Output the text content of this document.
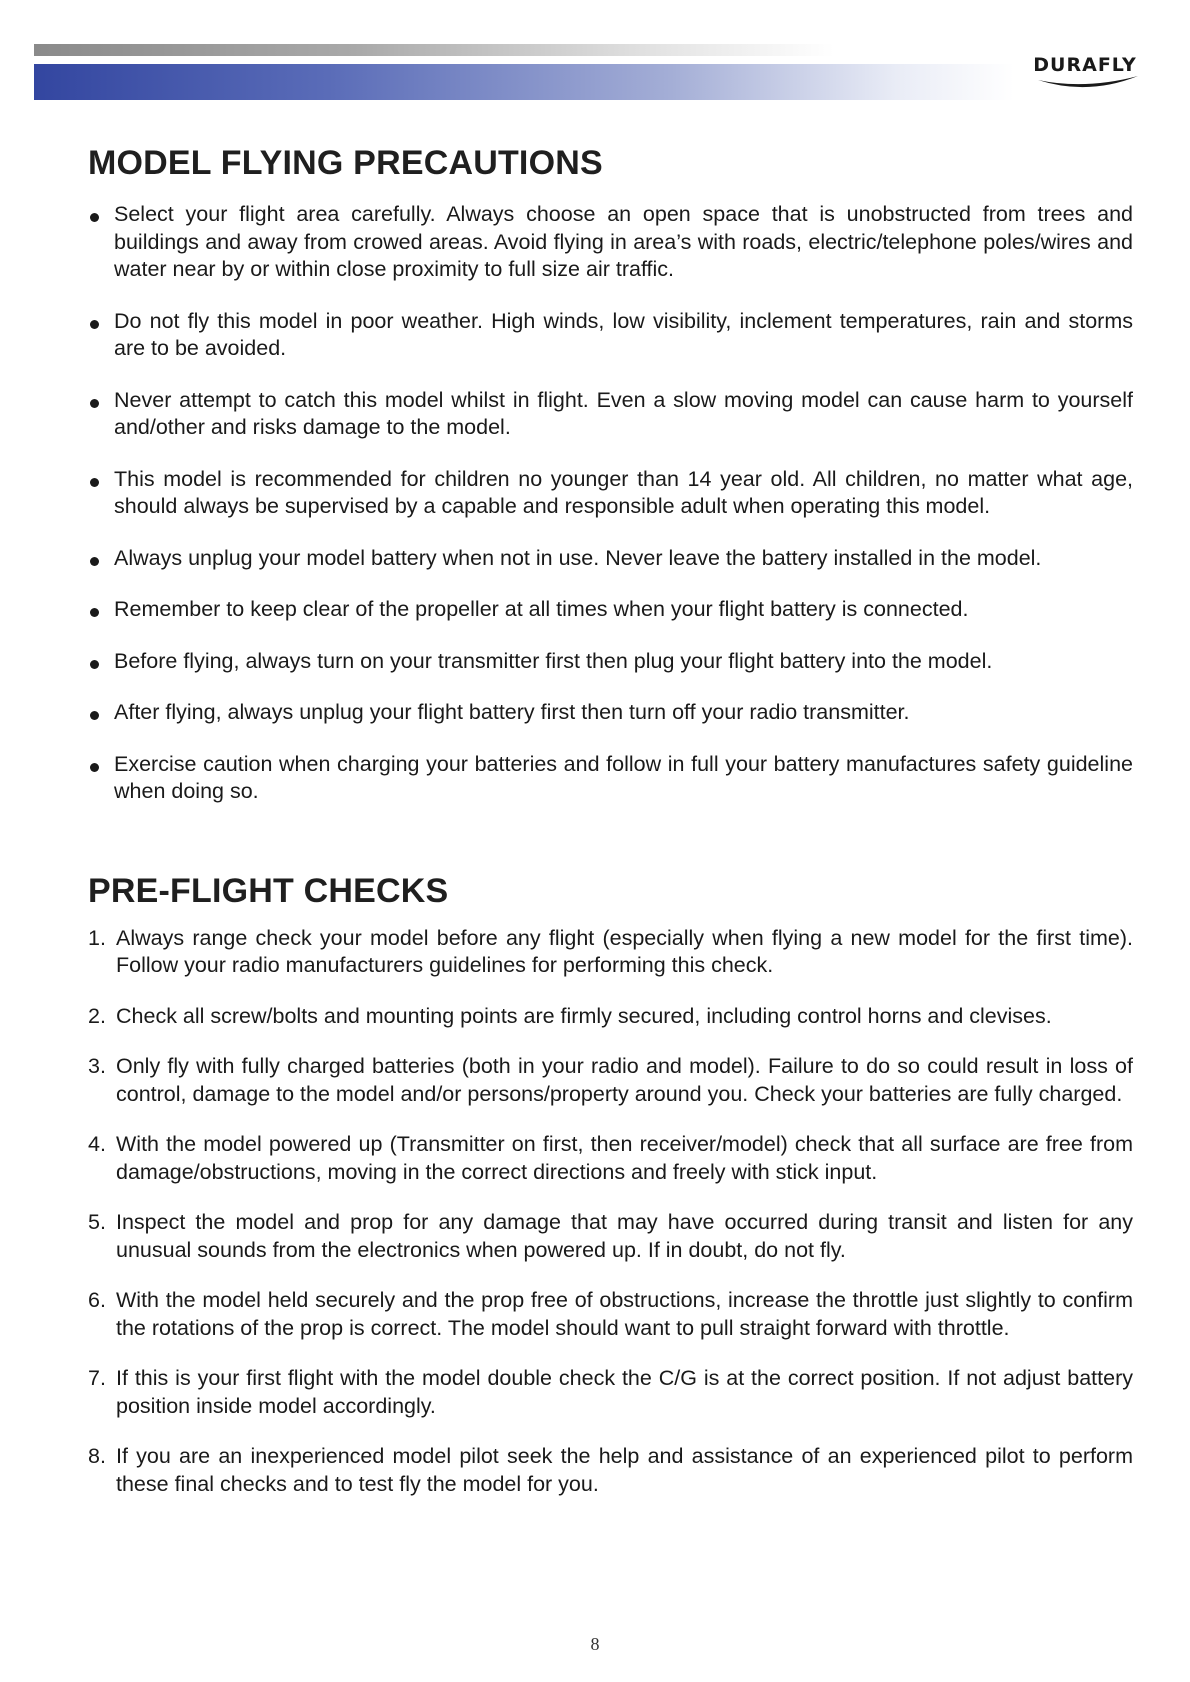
DURAFLY
MODEL FLYING PRECAUTIONS
Select your flight area carefully. Always choose an open space that is unobstructed from trees and buildings and away from crowed areas. Avoid flying in area’s with roads, electric/telephone poles/wires and water near by or within close proximity to full size air traffic.
Do not fly this model in poor weather. High winds, low visibility, inclement temperatures, rain and storms are to be avoided.
Never attempt to catch this model whilst in flight. Even a slow moving model can cause harm to yourself and/other and risks damage to the model.
This model is recommended for children no younger than 14 year old. All children, no matter what age, should always be supervised by a capable and responsible adult when operating this model.
Always unplug your model battery when not in use. Never leave the battery installed in the model.
Remember to keep clear of the propeller at all times when your flight battery is connected.
Before flying, always turn on your transmitter first then plug your flight battery into the model.
After flying, always unplug your flight battery first then turn off your radio transmitter.
Exercise caution when charging your batteries and follow in full your battery manufactures safety guideline when doing so.
PRE-FLIGHT CHECKS
1. Always range check your model before any flight (especially when flying a new model for the first time). Follow your radio manufacturers guidelines for performing this check.
2. Check all screw/bolts and mounting points are firmly secured, including control horns and clevises.
3. Only fly with fully charged batteries (both in your radio and model). Failure to do so could result in loss of control, damage to the model and/or persons/property around you. Check your batteries are fully charged.
4. With the model powered up (Transmitter on first, then receiver/model) check that all surface are free from damage/obstructions, moving in the correct directions and freely with stick input.
5. Inspect the model and prop for any damage that may have occurred during transit and listen for any unusual sounds from the electronics when powered up. If in doubt, do not fly.
6. With the model held securely and the prop free of obstructions, increase the throttle just slightly to confirm the rotations of the prop is correct. The model should want to pull straight forward with throttle.
7. If this is your first flight with the model double check the C/G is at the correct position. If not adjust battery position inside model accordingly.
8. If you are an inexperienced model pilot seek the help and assistance of an experienced pilot to perform these final checks and to test fly the model for you.
8
